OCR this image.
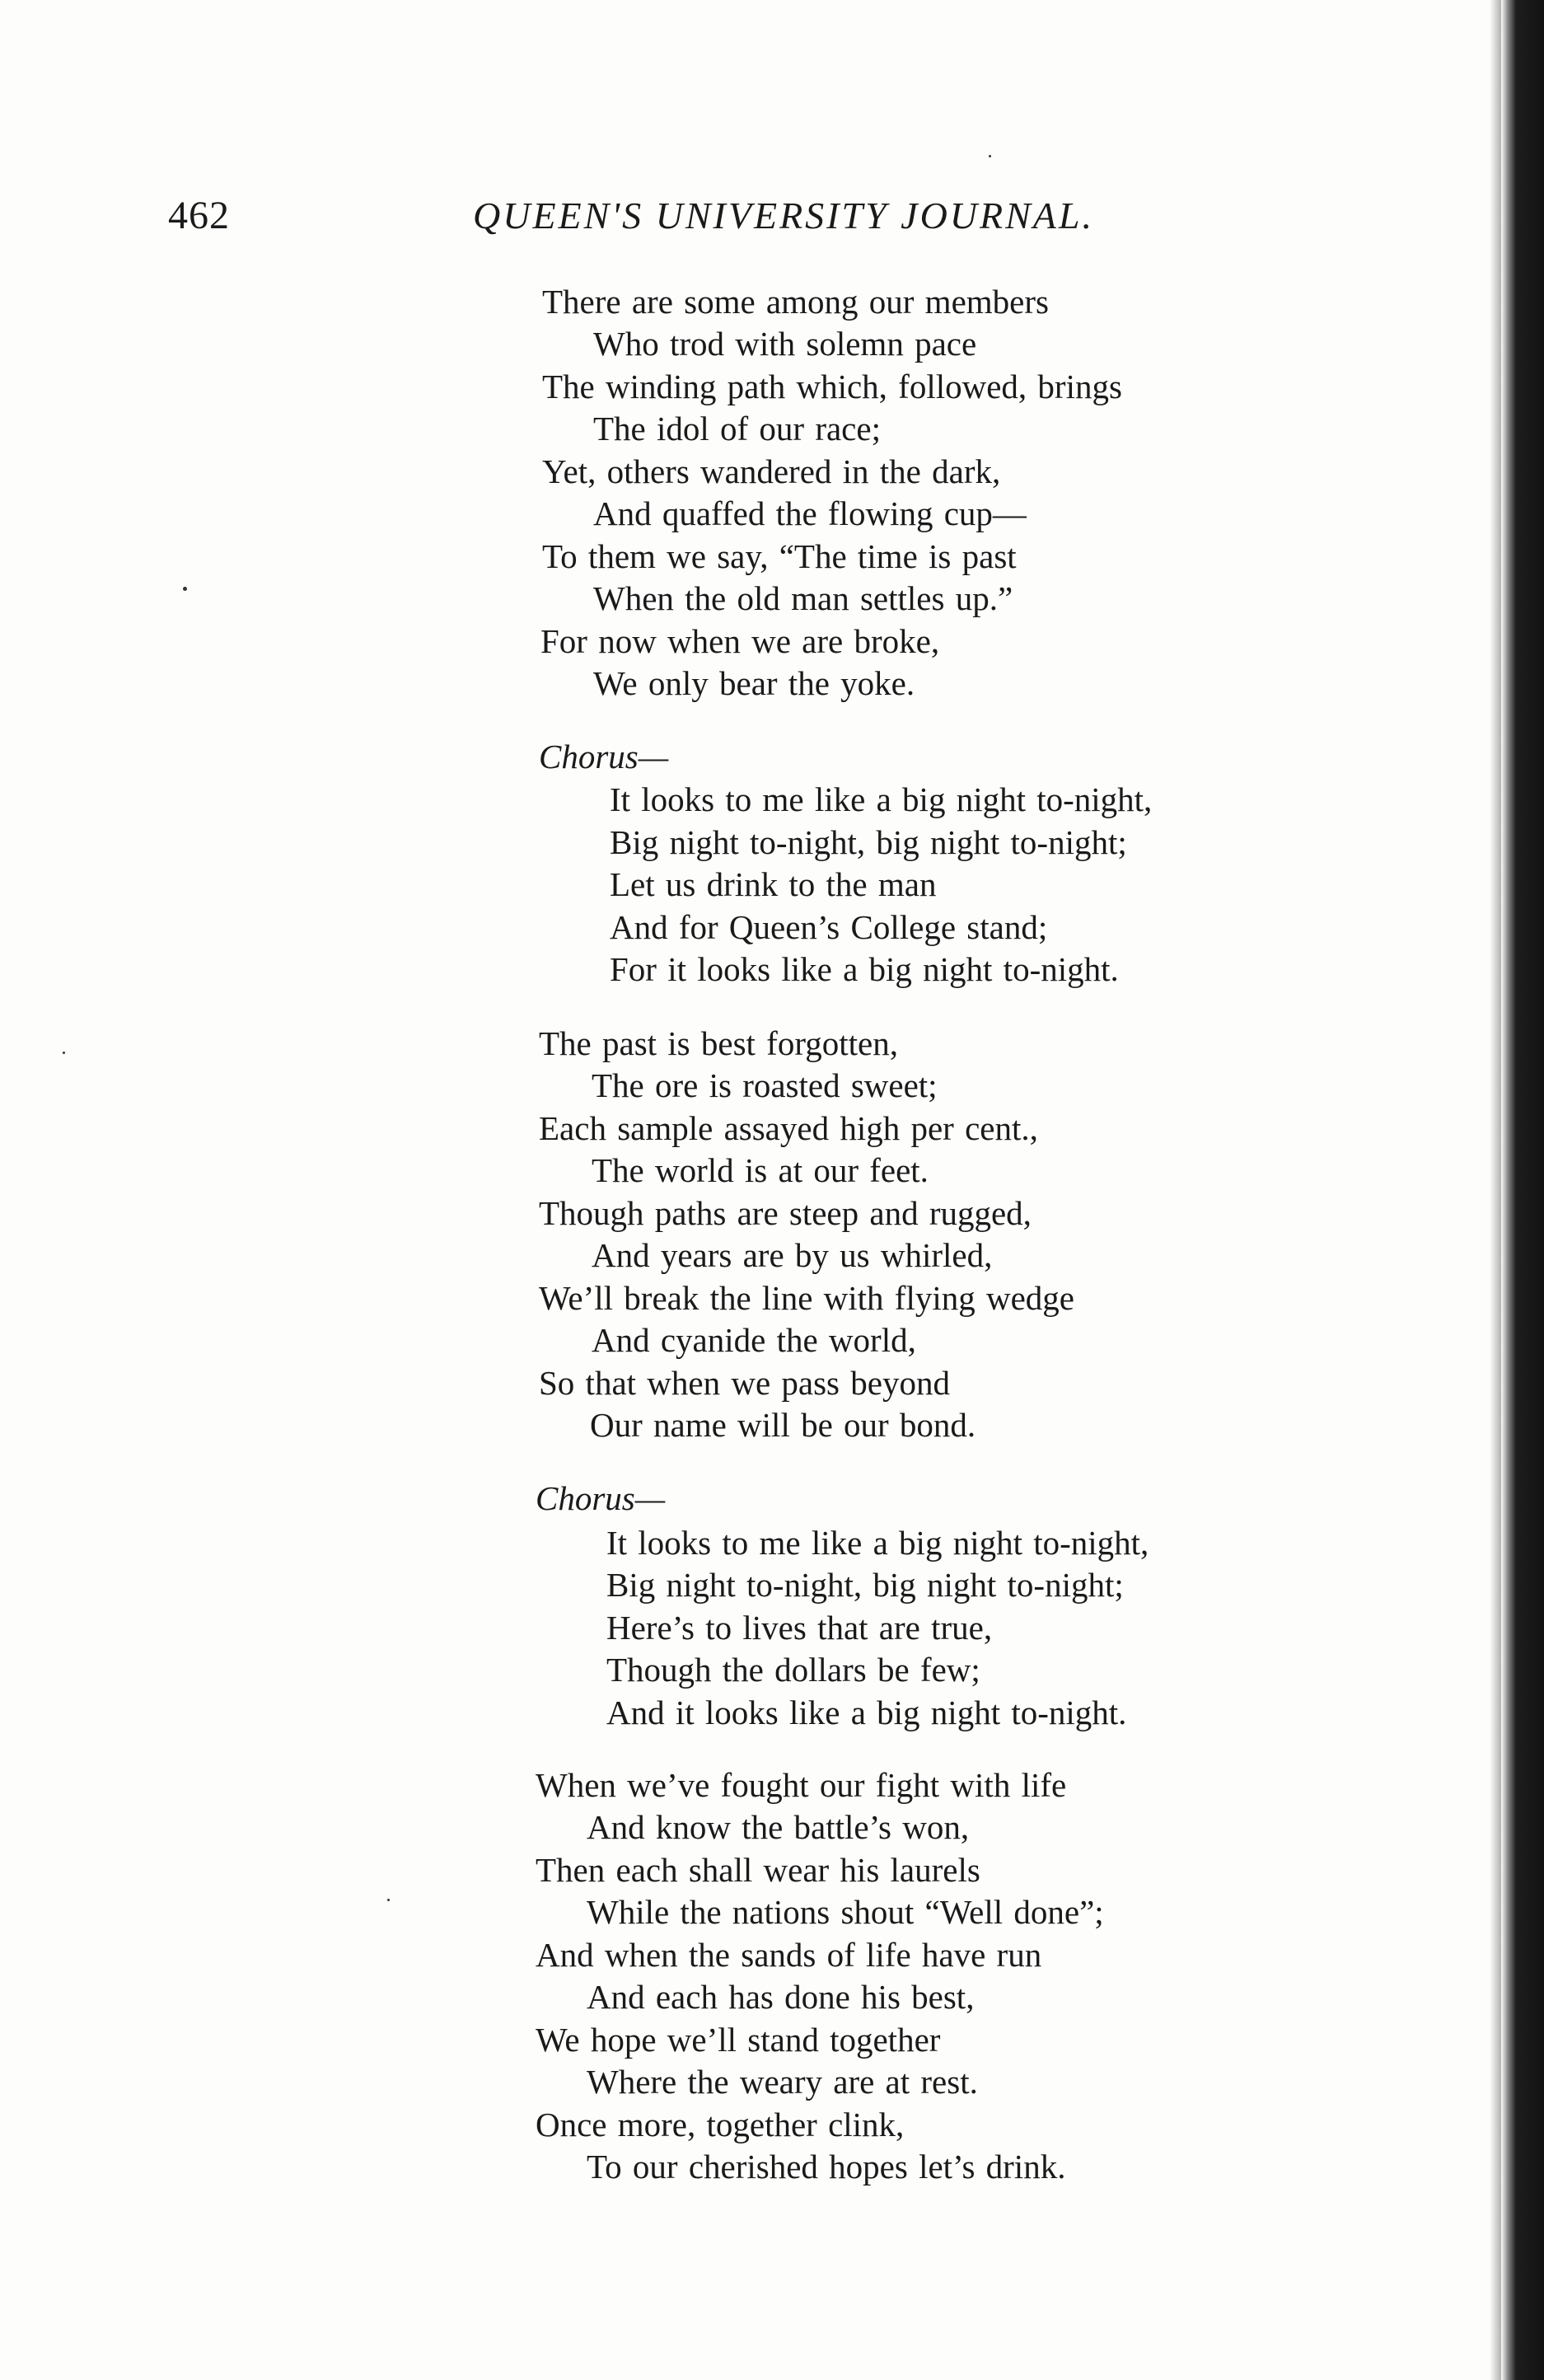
462	QUEEN'S UNIVERSITY JOURNAL.
There are some among our members
Who trod with solemn pace
The winding path which, followed, brings
The idol of our race;
Yet, others wandered in the dark,
And quaffed the flowing cup—
To them we say, “The time is past
When the old man settles up.”
For now when we are broke,
We only bear the yoke.
Chorus—
It looks to me like a big night to-night,
Big night to-night, big night to-night;
Let us drink to the man
And for Queen’s College stand;
For it looks like a big night to-night.
The past is best forgotten,
The ore is roasted sweet;
Each sample assayed high per cent.,
The world is at our feet.
Though paths are steep and rugged,
And years are by us whirled,
We’ll break the line with flying wedge
And cyanide the world,
So that when we pass beyond
Our name will be our bond.
Chorus—
It looks to me like a big night to-night,
Big night to-night, big night to-night;
Here’s to lives that are true,
Though the dollars be few;
And it looks like a big night to-night.
When we’ve fought our fight with life
And know the battle’s won,
Then each shall wear his laurels
While the nations shout “Well done”;
And when the sands of life have run
And each has done his best,
We hope we’ll stand together
Where the weary are at rest.
Once more, together clink,
To our cherished hopes let’s drink.
